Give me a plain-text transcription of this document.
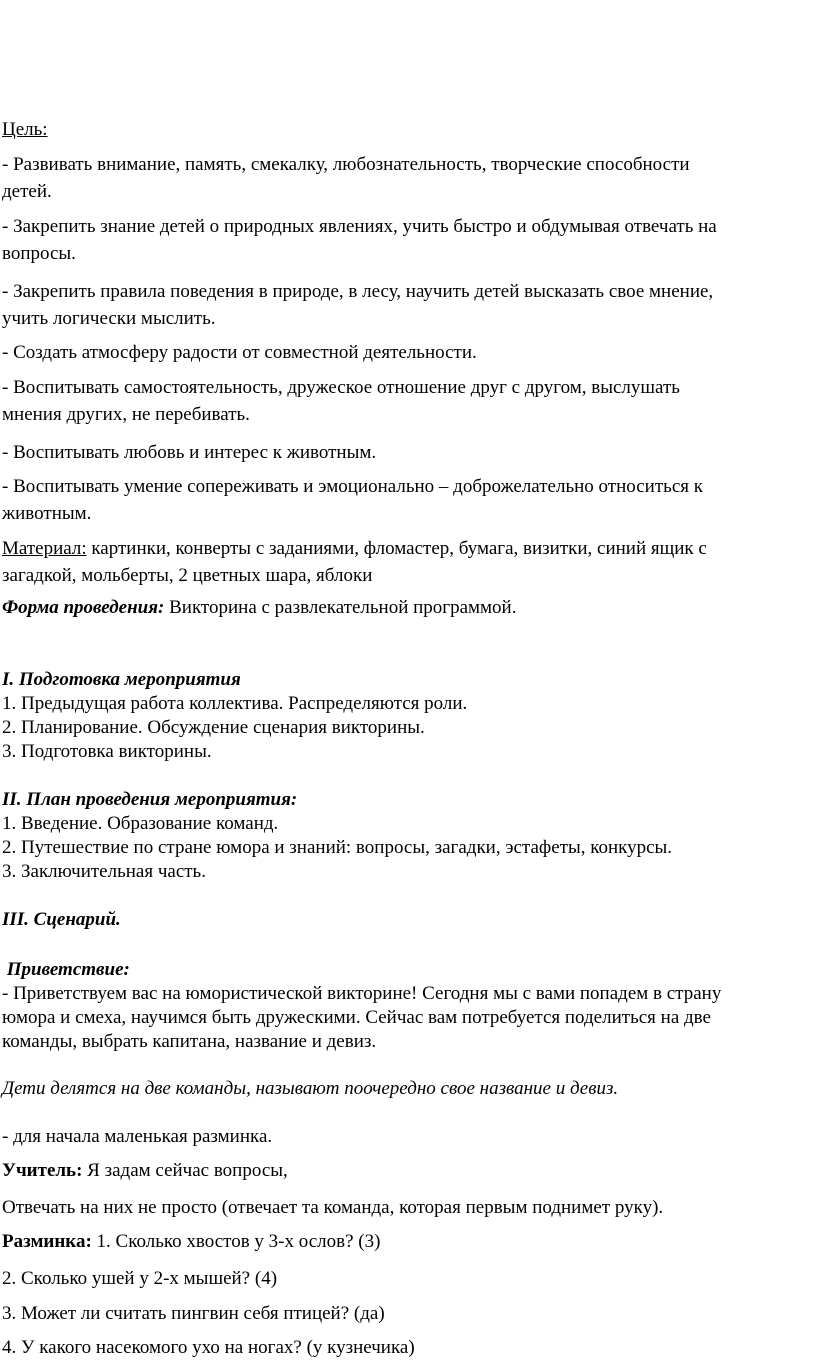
Цель:
- Развивать внимание, память, смекалку, любознательность, творческие способности
детей.
- Закрепить знание детей о природных явлениях, учить быстро и обдумывая отвечать на
вопросы.
- Закрепить правила поведения в природе, в лесу, научить детей высказать свое мнение,
учить логически мыслить.
- Создать атмосферу радости от совместной деятельности.
- Воспитывать самостоятельность, дружеское отношение друг с другом, выслушать
мнения других, не перебивать.
- Воспитывать любовь и интерес к животным.
- Воспитывать умение сопереживать и эмоционально – доброжелательно относиться к
животным.
Материал: картинки, конверты с заданиями, фломастер, бумага, визитки, синий ящик с
загадкой, мольберты, 2 цветных шара, яблоки
Форма проведения: Викторина с развлекательной программой.
I. Подготовка мероприятия
1. Предыдущая работа коллектива. Распределяются роли.
2. Планирование. Обсуждение сценария викторины.
3. Подготовка викторины.
II. План проведения мероприятия:
1. Введение. Образование команд.
2. Путешествие по стране юмора и знаний: вопросы, загадки, эстафеты, конкурсы.
3. Заключительная часть.
III. Сценарий.
Приветствие:
- Приветствуем вас на юмористической викторине! Сегодня мы с вами попадем в страну
юмора и смеха, научимся быть дружескими. Сейчас вам потребуется поделиться на две
команды, выбрать капитана, название и девиз.
Дети делятся на две команды, называют поочередно свое название и девиз.
- для начала маленькая разминка.
Учитель: Я задам сейчас вопросы,
Отвечать на них не просто (отвечает та команда, которая первым поднимет руку).
Разминка: 1. Сколько хвостов у 3-х ослов? (3)
2. Сколько ушей у 2-х мышей? (4)
3. Может ли считать пингвин себя птицей? (да)
4. У какого насекомого ухо на ногах? (у кузнечика)
